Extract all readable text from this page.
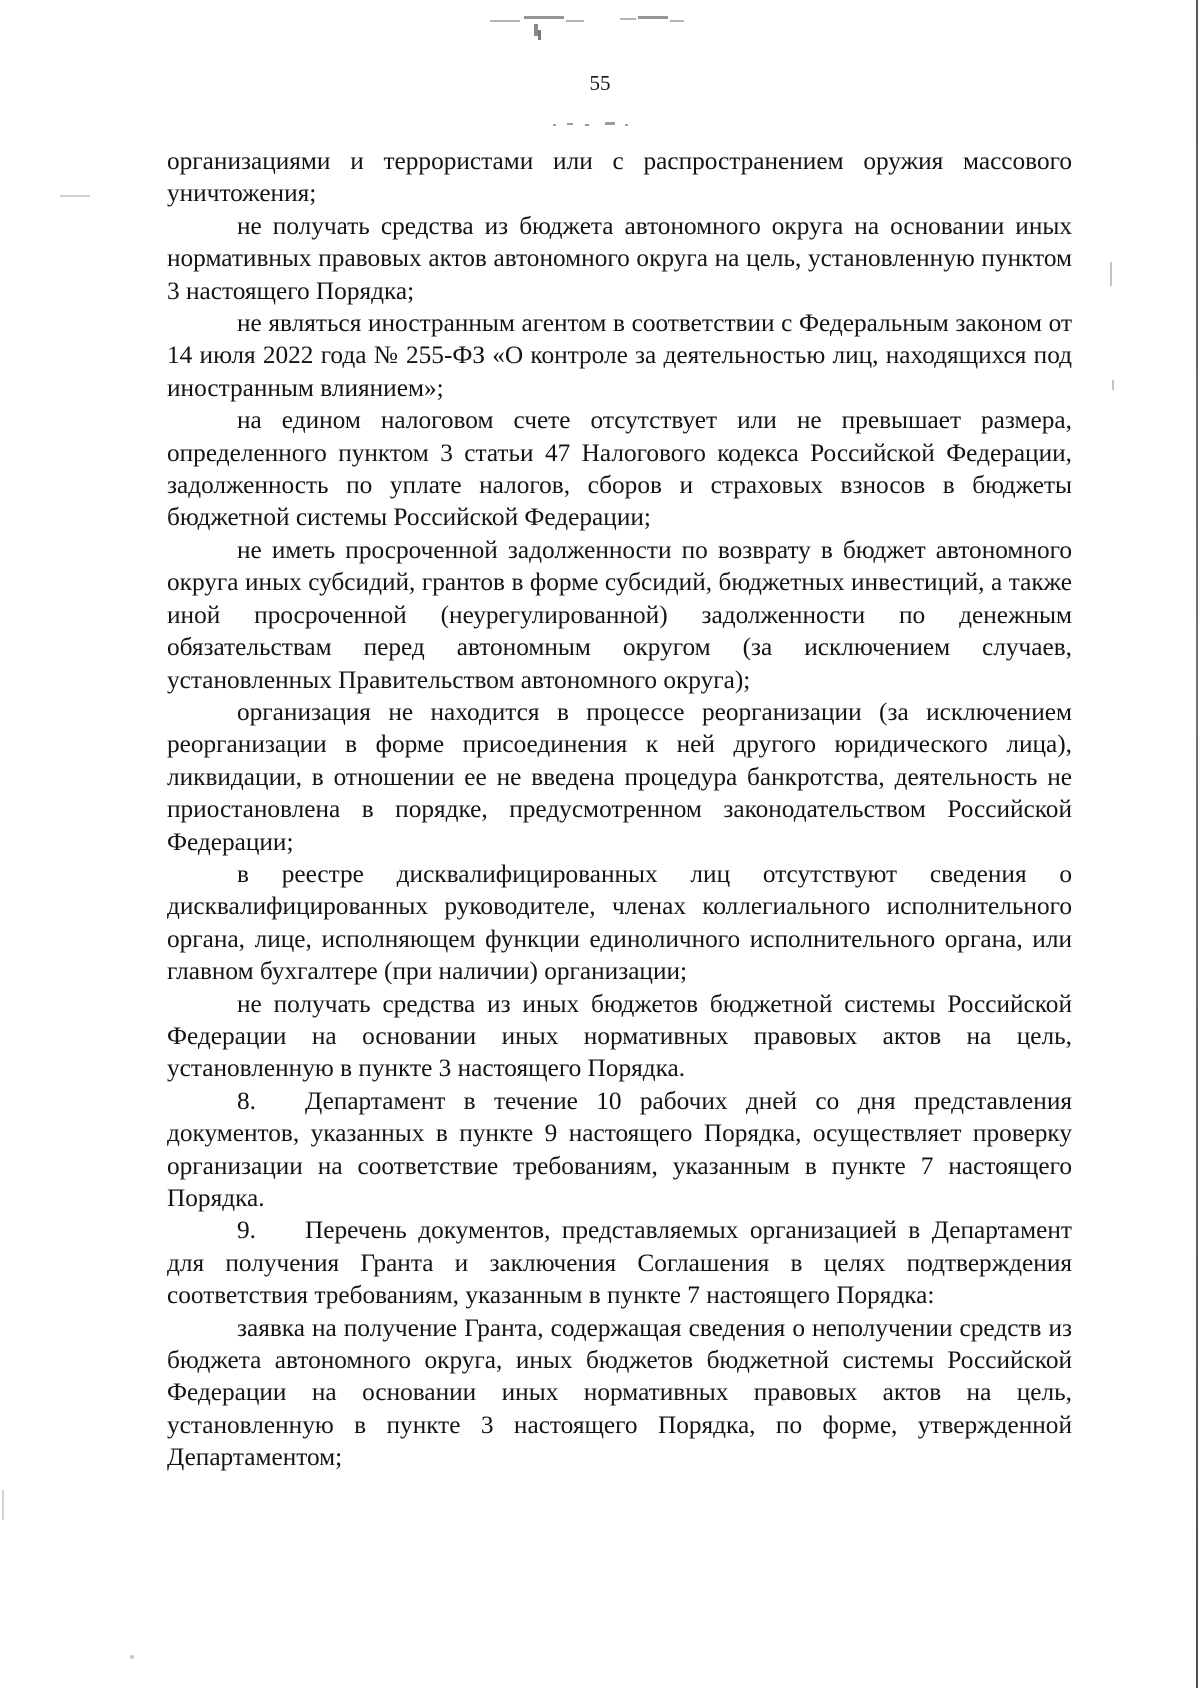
55

организациями и террористами или с распространением оружия массового уничтожения;

не получать средства из бюджета автономного округа на основании иных нормативных правовых актов автономного округа на цель, установленную пунктом 3 настоящего Порядка;

не являться иностранным агентом в соответствии с Федеральным законом от 14 июля 2022 года № 255-ФЗ «О контроле за деятельностью лиц, находящихся под иностранным влиянием»;

на едином налоговом счете отсутствует или не превышает размера, определенного пунктом 3 статьи 47 Налогового кодекса Российской Федерации, задолженность по уплате налогов, сборов и страховых взносов в бюджеты бюджетной системы Российской Федерации;

не иметь просроченной задолженности по возврату в бюджет автономного округа иных субсидий, грантов в форме субсидий, бюджетных инвестиций, а также иной просроченной (неурегулированной) задолженности по денежным обязательствам перед автономным округом (за исключением случаев, установленных Правительством автономного округа);

организация не находится в процессе реорганизации (за исключением реорганизации в форме присоединения к ней другого юридического лица), ликвидации, в отношении ее не введена процедура банкротства, деятельность не приостановлена в порядке, предусмотренном законодательством Российской Федерации;

в реестре дисквалифицированных лиц отсутствуют сведения о дисквалифицированных руководителе, членах коллегиального исполнительного органа, лице, исполняющем функции единоличного исполнительного органа, или главном бухгалтере (при наличии) организации;

не получать средства из иных бюджетов бюджетной системы Российской Федерации на основании иных нормативных правовых актов на цель, установленную в пункте 3 настоящего Порядка.

8. Департамент в течение 10 рабочих дней со дня представления документов, указанных в пункте 9 настоящего Порядка, осуществляет проверку организации на соответствие требованиям, указанным в пункте 7 настоящего Порядка.

9. Перечень документов, представляемых организацией в Департамент для получения Гранта и заключения Соглашения в целях подтверждения соответствия требованиям, указанным в пункте 7 настоящего Порядка:

заявка на получение Гранта, содержащая сведения о неполучении средств из бюджета автономного округа, иных бюджетов бюджетной системы Российской Федерации на основании иных нормативных правовых актов на цель, установленную в пункте 3 настоящего Порядка, по форме, утвержденной Департаментом;
